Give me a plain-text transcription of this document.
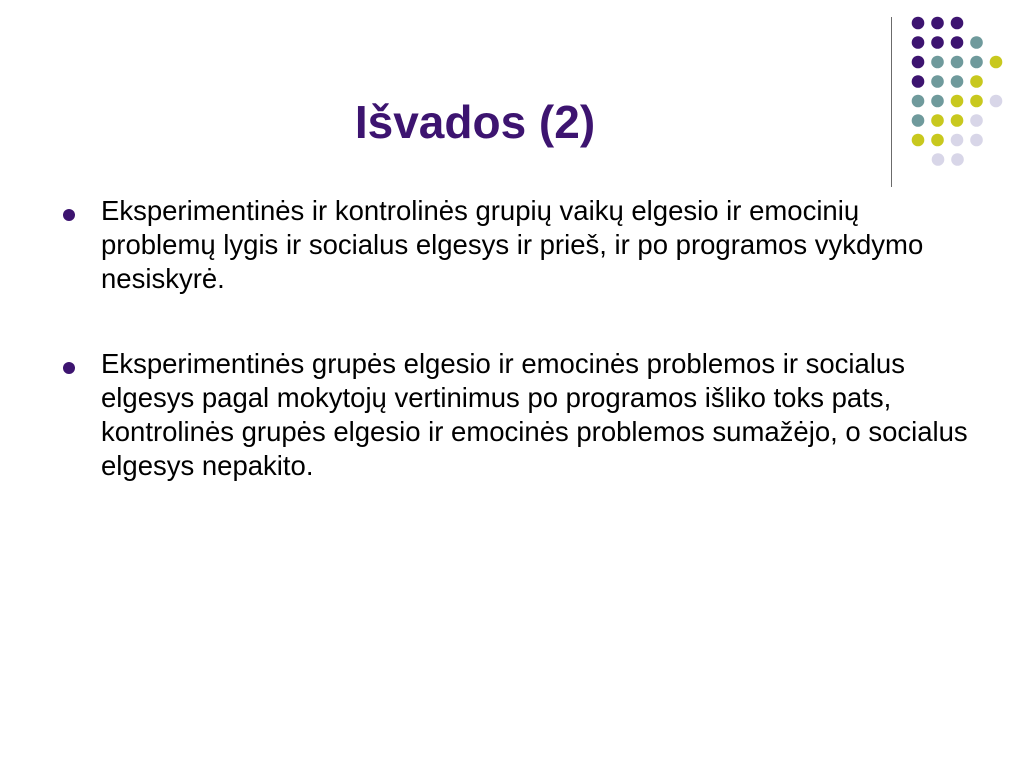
Išvados (2)
Eksperimentinės ir kontrolinės grupių vaikų elgesio ir emocinių problemų lygis ir socialus elgesys ir prieš, ir po programos vykdymo nesiskyrė.
Eksperimentinės grupės elgesio ir emocinės problemos ir socialus elgesys pagal mokytojų vertinimus po programos išliko toks pats, kontrolinės grupės elgesio ir emocinės problemos sumažėjo, o socialus elgesys nepakito.
